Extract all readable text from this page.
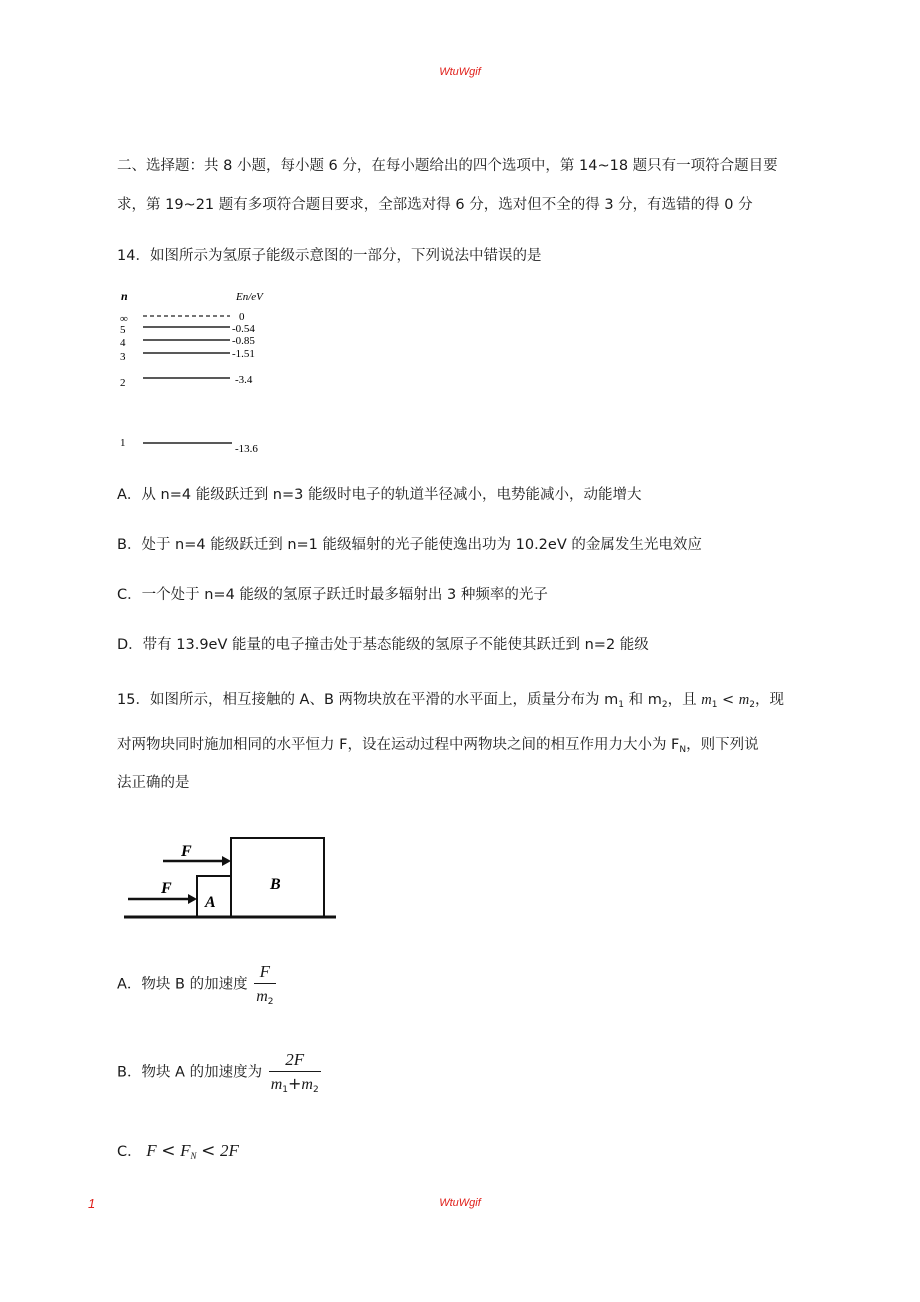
WtuWgif
二、选择题：共 8 小题，每小题 6 分，在每小题给出的四个选项中，第 14~18 题只有一项符合题目要
求，第 19~21 题有多项符合题目要求，全部选对得 6 分，选对但不全的得 3 分，有选错的得 0 分
14．如图所示为氢原子能级示意图的一部分，下列说法中错误的是
n	En/eV
∞	0
5	-0.54
4	-0.85
3	-1.51
2	-3.4
1	-13.6
A．从 n=4 能级跃迁到 n=3 能级时电子的轨道半径减小，电势能减小，动能增大
B．处于 n=4 能级跃迁到 n=1 能级辐射的光子能使逸出功为 10.2eV 的金属发生光电效应
C．一个处于 n=4 能级的氢原子跃迁时最多辐射出 3 种频率的光子
D．带有 13.9eV 能量的电子撞击处于基态能级的氢原子不能使其跃迁到 n=2 能级
15．如图所示，相互接触的 A、B 两物块放在平滑的水平面上，质量分布为 $m_1$ 和 $m_2$，且 $m_1 < m_2$，现
对两物块同时施加相同的水平恒力 F，设在运动过程中两物块之间的相互作用力大小为 $F_N$，则下列说
法正确的是
F
F
A
B
A．物块 B 的加速度 $\frac{F}{m_2}$
B．物块 A 的加速度为 $\frac{2F}{m_1+m_2}$
C． $F < F_N < 2F$
1	WtuWgif
